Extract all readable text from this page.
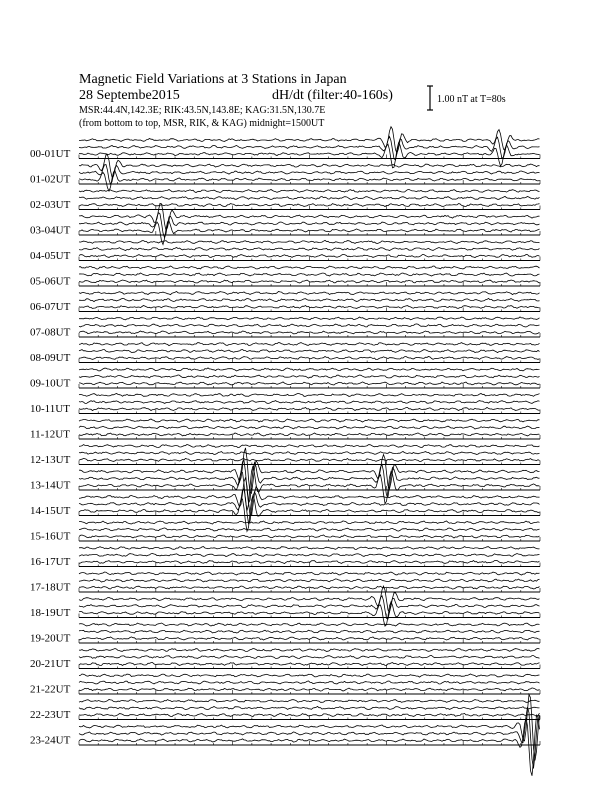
Magnetic Field Variations at 3 Stations in Japan
28 Septembe2015	dH/dt (filter:40-160s)
MSR:44.4N,142.3E; RIK:43.5N,143.8E; KAG:31.5N,130.7E
(from bottom to top, MSR, RIK, & KAG) midnight=1500UT
1.00 nT at T=80s
00-01UT
01-02UT
02-03UT
03-04UT
04-05UT
05-06UT
06-07UT
07-08UT
08-09UT
09-10UT
10-11UT
11-12UT
12-13UT
13-14UT
14-15UT
15-16UT
16-17UT
17-18UT
18-19UT
19-20UT
20-21UT
21-22UT
22-23UT
23-24UT
